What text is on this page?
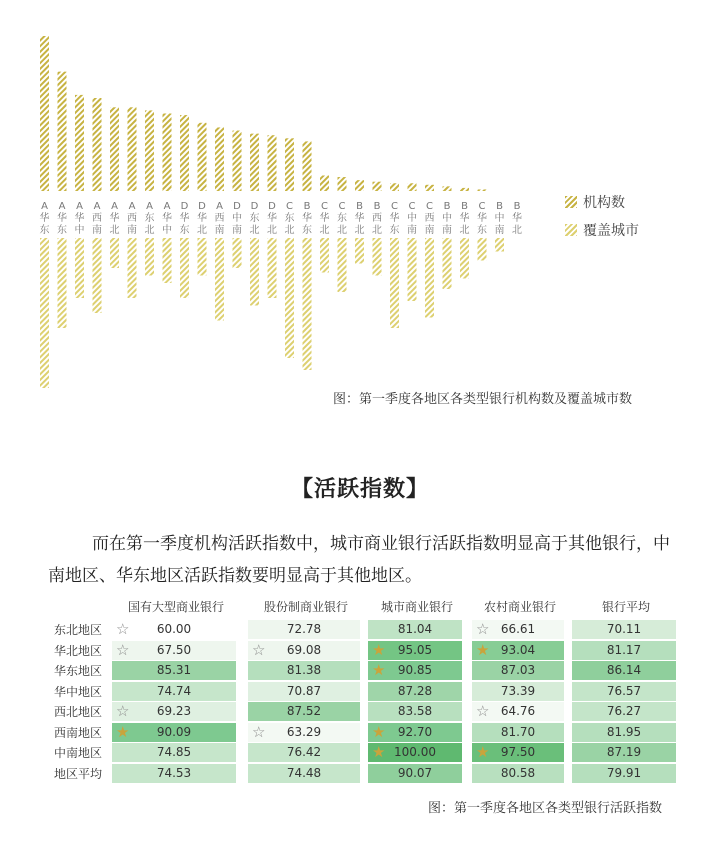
A
华
东
A
华
东
A
华
中
A
西
南
A
华
北
A
西
南
A
东
北
A
华
中
D
华
东
D
华
北
A
西
南
D
中
南
D
东
北
D
华
北
C
东
北
B
华
东
C
华
北
C
东
北
B
华
北
B
西
北
C
华
东
C
中
南
C
西
南
B
中
南
B
华
北
C
华
东
B
中
南
B
华
北
机构数
覆盖城市
图：第一季度各地区各类型银行机构数及覆盖城市数
【活跃指数】
而在第一季度机构活跃指数中，城市商业银行活跃指数明显高于其他银行，中南地区、华东地区活跃指数要明显高于其他地区。
国有大型商业银行	股份制商业银行	城市商业银行	农村商业银行	银行平均
东北地区 ☆	60.00	72.78	81.04	☆ 66.61	70.11
华北地区 ☆	67.50	☆	69.08	★	95.05	★ 93.04	81.17
华东地区	85.31	81.38	★	90.85	87.03	86.14
华中地区	74.74	70.87	87.28	73.39	76.57
西北地区 ☆	69.23	87.52	83.58	☆ 64.76	76.27
西南地区 ★	90.09	☆	63.29	★	92.70	81.70	81.95
中南地区	74.85	76.42	★ 100.00	★ 97.50	87.19
地区平均	74.53	74.48	90.07	80.58	79.91
图：第一季度各地区各类型银行活跃指数
